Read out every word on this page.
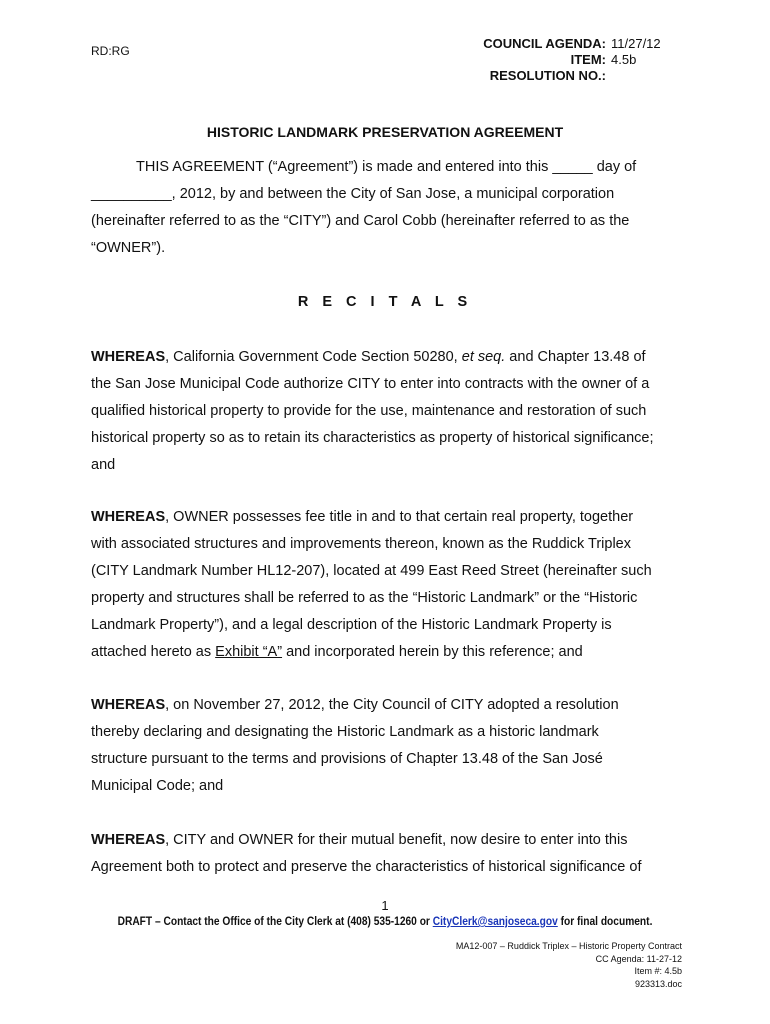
RD:RG	COUNCIL AGENDA: 11/27/12
ITEM: 4.5b
RESOLUTION NO.:
HISTORIC LANDMARK PRESERVATION AGREEMENT
THIS AGREEMENT (“Agreement”) is made and entered into this _____ day of
__________, 2012, by and between the City of San Jose, a municipal corporation
(hereinafter referred to as the “CITY”) and Carol Cobb (hereinafter referred to as the
“OWNER”).
R E C I T A L S
WHEREAS, California Government Code Section 50280, et seq. and Chapter 13.48 of
the San Jose Municipal Code authorize CITY to enter into contracts with the owner of a
qualified historical property to provide for the use, maintenance and restoration of such
historical property so as to retain its characteristics as property of historical significance;
and
WHEREAS, OWNER possesses fee title in and to that certain real property, together
with associated structures and improvements thereon, known as the Ruddick Triplex
(CITY Landmark Number HL12-207), located at 499 East Reed Street (hereinafter such
property and structures shall be referred to as the “Historic Landmark” or the “Historic
Landmark Property”), and a legal description of the Historic Landmark Property is
attached hereto as Exhibit “A” and incorporated herein by this reference; and
WHEREAS, on November 27, 2012, the City Council of CITY adopted a resolution
thereby declaring and designating the Historic Landmark as a historic landmark
structure pursuant to the terms and provisions of Chapter 13.48 of the San José
Municipal Code; and
WHEREAS, CITY and OWNER for their mutual benefit, now desire to enter into this
Agreement both to protect and preserve the characteristics of historical significance of
1
DRAFT – Contact the Office of the City Clerk at (408) 535-1260 or CityClerk@sanjoseca.gov for final document.
MA12-007 – Ruddick Triplex – Historic Property Contract
CC Agenda: 11-27-12
Item #: 4.5b
923313.doc
